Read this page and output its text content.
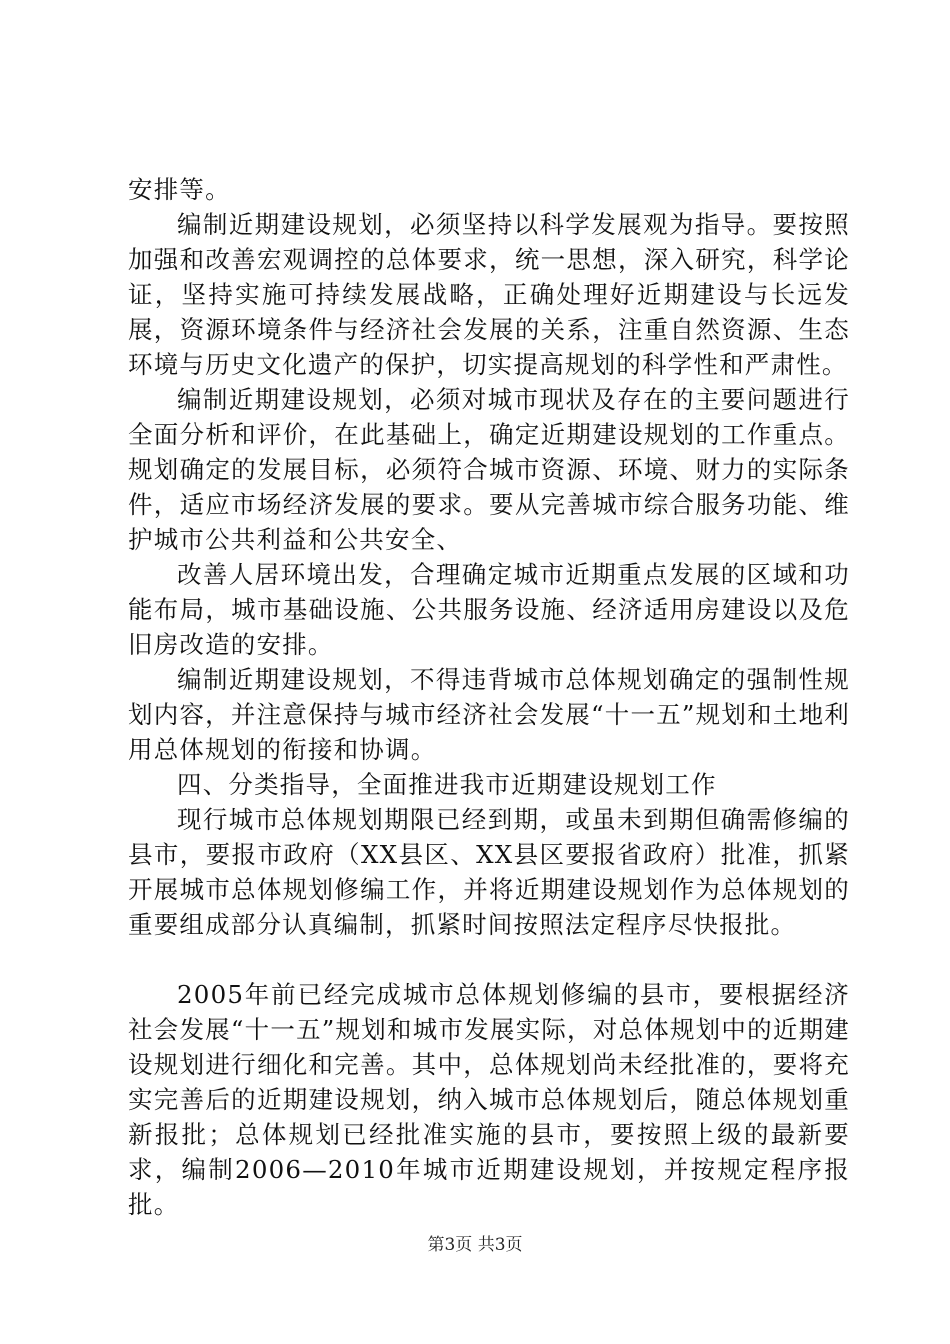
安排等。

编制近期建设规划，必须坚持以科学发展观为指导。要按照加强和改善宏观调控的总体要求，统一思想，深入研究，科学论证，坚持实施可持续发展战略，正确处理好近期建设与长远发展，资源环境条件与经济社会发展的关系，注重自然资源、生态环境与历史文化遗产的保护，切实提高规划的科学性和严肃性。

编制近期建设规划，必须对城市现状及存在的主要问题进行全面分析和评价，在此基础上，确定近期建设规划的工作重点。规划确定的发展目标，必须符合城市资源、环境、财力的实际条件，适应市场经济发展的要求。要从完善城市综合服务功能、维护城市公共利益和公共安全、

改善人居环境出发，合理确定城市近期重点发展的区域和功能布局，城市基础设施、公共服务设施、经济适用房建设以及危旧房改造的安排。

编制近期建设规划，不得违背城市总体规划确定的强制性规划内容，并注意保持与城市经济社会发展“十一五”规划和土地利用总体规划的衔接和协调。

四、分类指导，全面推进我市近期建设规划工作

现行城市总体规划期限已经到期，或虽未到期但确需修编的县市，要报市政府（XX县区、XX县区要报省政府）批准，抓紧开展城市总体规划修编工作，并将近期建设规划作为总体规划的重要组成部分认真编制，抓紧时间按照法定程序尽快报批。

2005年前已经完成城市总体规划修编的县市，要根据经济社会发展“十一五”规划和城市发展实际，对总体规划中的近期建设规划进行细化和完善。其中，总体规划尚未经批准的，要将充实完善后的近期建设规划，纳入城市总体规划后，随总体规划重新报批；总体规划已经批准实施的县市，要按照上级的最新要求，编制2006—2010年城市近期建设规划，并按规定程序报批。

第3页 共3页
